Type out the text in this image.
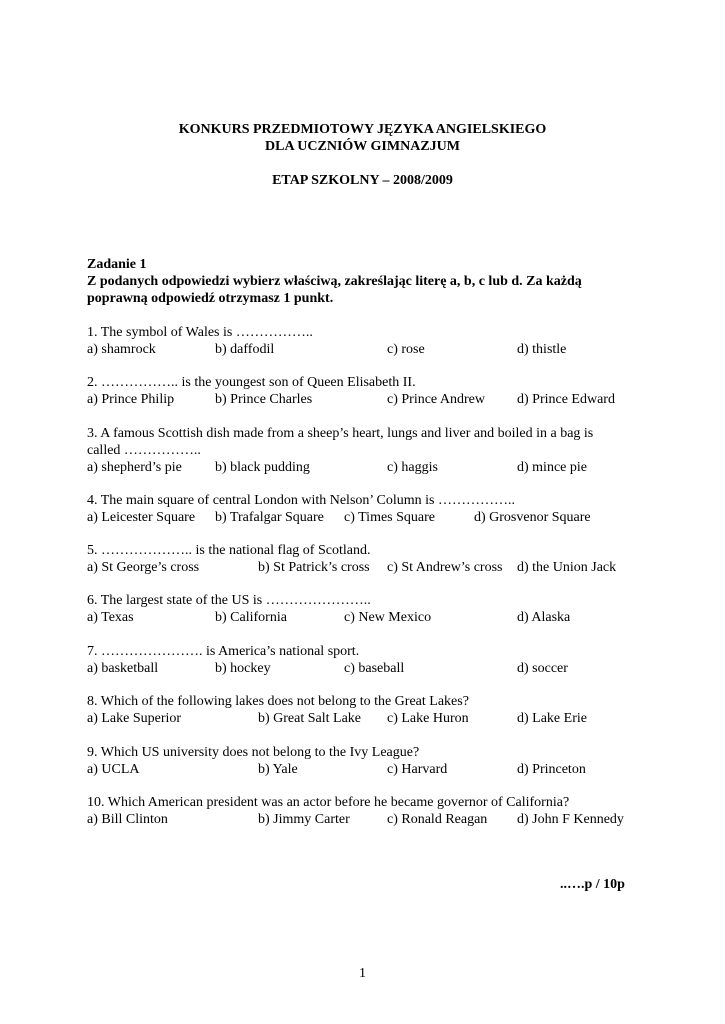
KONKURS PRZEDMIOTOWY JĘZYKA ANGIELSKIEGO
DLA UCZNIÓW GIMNAZJUM
ETAP SZKOLNY – 2008/2009
Zadanie 1
Z podanych odpowiedzi wybierz właściwą, zakreślając literę a, b, c lub d. Za każdą
poprawną odpowiedź otrzymasz 1 punkt.
1. The symbol of Wales is ……………..
a) shamrock	b) daffodil	c) rose	d) thistle
2. …………….. is the youngest son of Queen Elisabeth II.
a) Prince Philip	b) Prince Charles	c) Prince Andrew d) Prince Edward
3. A famous Scottish dish made from a sheep’s heart, lungs and liver and boiled in a bag is
called ……………..
a) shepherd’s pie b) black pudding	c) haggis	d) mince pie
4. The main square of central London with Nelson’ Column is ……………..
a) Leicester Square b) Trafalgar Square c) Times Square	d) Grosvenor Square
5. ……………….. is the national flag of Scotland.
a) St George’s cross	b) St Patrick’s cross c) St Andrew’s cross d) the Union Jack
6. The largest state of the US is …………………..
a) Texas	b) California	c) New Mexico	d) Alaska
7. …………………. is America’s national sport.
a) basketball	b) hockey	c) baseball	d) soccer
8. Which of the following lakes does not belong to the Great Lakes?
a) Lake Superior	b) Great Salt Lake c) Lake Huron	d) Lake Erie
9. Which US university does not belong to the Ivy League?
a) UCLA	b) Yale	c) Harvard	d) Princeton
10. Which American president was an actor before he became governor of California?
a) Bill Clinton	b) Jimmy Carter	c) Ronald Reagan d) John F Kennedy
..….p / 10p
1
